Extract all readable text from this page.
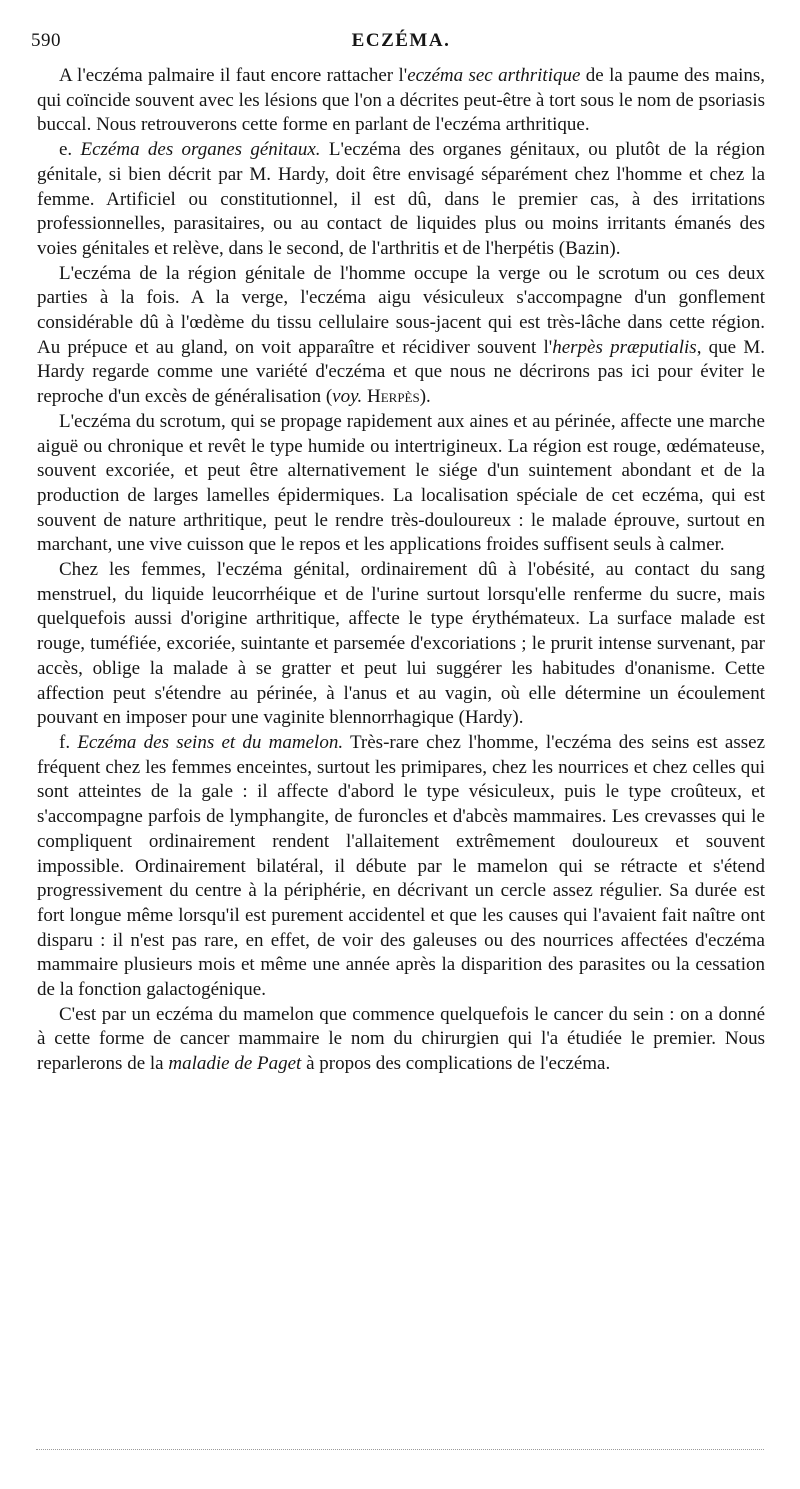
590	ECZÉMA.

A l'eczéma palmaire il faut encore rattacher l'eczéma sec arthritique de la paume des mains, qui coïncide souvent avec les lésions que l'on a décrites peut-être à tort sous le nom de psoriasis buccal. Nous retrouverons cette forme en parlant de l'eczéma arthritique.

e. Eczéma des organes génitaux. L'eczéma des organes génitaux, ou plutôt de la région génitale, si bien décrit par M. Hardy, doit être envisagé séparément chez l'homme et chez la femme. Artificiel ou constitutionnel, il est dû, dans le premier cas, à des irritations professionnelles, parasitaires, ou au contact de liquides plus ou moins irritants émanés des voies génitales et relève, dans le second, de l'arthritis et de l'herpétis (Bazin).

L'eczéma de la région génitale de l'homme occupe la verge ou le scrotum ou ces deux parties à la fois. A la verge, l'eczéma aigu vésiculeux s'accompagne d'un gonflement considérable dû à l'œdème du tissu cellulaire sous-jacent qui est très-lâche dans cette région. Au prépuce et au gland, on voit apparaître et récidiver souvent l'herpès præputialis, que M. Hardy regarde comme une variété d'eczéma et que nous ne décrirons pas ici pour éviter le reproche d'un excès de généralisation (voy. Herpès).

L'eczéma du scrotum, qui se propage rapidement aux aines et au périnée, affecte une marche aiguë ou chronique et revêt le type humide ou intertrigineux. La région est rouge, œdémateuse, souvent excoriée, et peut être alternativement le siége d'un suintement abondant et de la production de larges lamelles épidermiques. La localisation spéciale de cet eczéma, qui est souvent de nature arthritique, peut le rendre très-douloureux : le malade éprouve, surtout en marchant, une vive cuisson que le repos et les applications froides suffisent seuls à calmer.

Chez les femmes, l'eczéma génital, ordinairement dû à l'obésité, au contact du sang menstruel, du liquide leucorrhéique et de l'urine surtout lorsqu'elle renferme du sucre, mais quelquefois aussi d'origine arthritique, affecte le type érythémateux. La surface malade est rouge, tuméfiée, excoriée, suintante et parsemée d'excoriations ; le prurit intense survenant, par accès, oblige la malade à se gratter et peut lui suggérer les habitudes d'onanisme. Cette affection peut s'étendre au périnée, à l'anus et au vagin, où elle détermine un écoulement pouvant en imposer pour une vaginite blennorrhagique (Hardy).

f. Eczéma des seins et du mamelon. Très-rare chez l'homme, l'eczéma des seins est assez fréquent chez les femmes enceintes, surtout les primipares, chez les nourrices et chez celles qui sont atteintes de la gale : il affecte d'abord le type vésiculeux, puis le type croûteux, et s'accompagne parfois de lymphangite, de furoncles et d'abcès mammaires. Les crevasses qui le compliquent ordinairement rendent l'allaitement extrêmement douloureux et souvent impossible. Ordinairement bilatéral, il débute par le mamelon qui se rétracte et s'étend progressivement du centre à la périphérie, en décrivant un cercle assez régulier. Sa durée est fort longue même lorsqu'il est purement accidentel et que les causes qui l'avaient fait naître ont disparu : il n'est pas rare, en effet, de voir des galeuses ou des nourrices affectées d'eczéma mammaire plusieurs mois et même une année après la disparition des parasites ou la cessation de la fonction galactogénique.

C'est par un eczéma du mamelon que commence quelquefois le cancer du sein : on a donné à cette forme de cancer mammaire le nom du chirurgien qui l'a étudiée le premier. Nous reparlerons de la maladie de Paget à propos des complications de l'eczéma.
